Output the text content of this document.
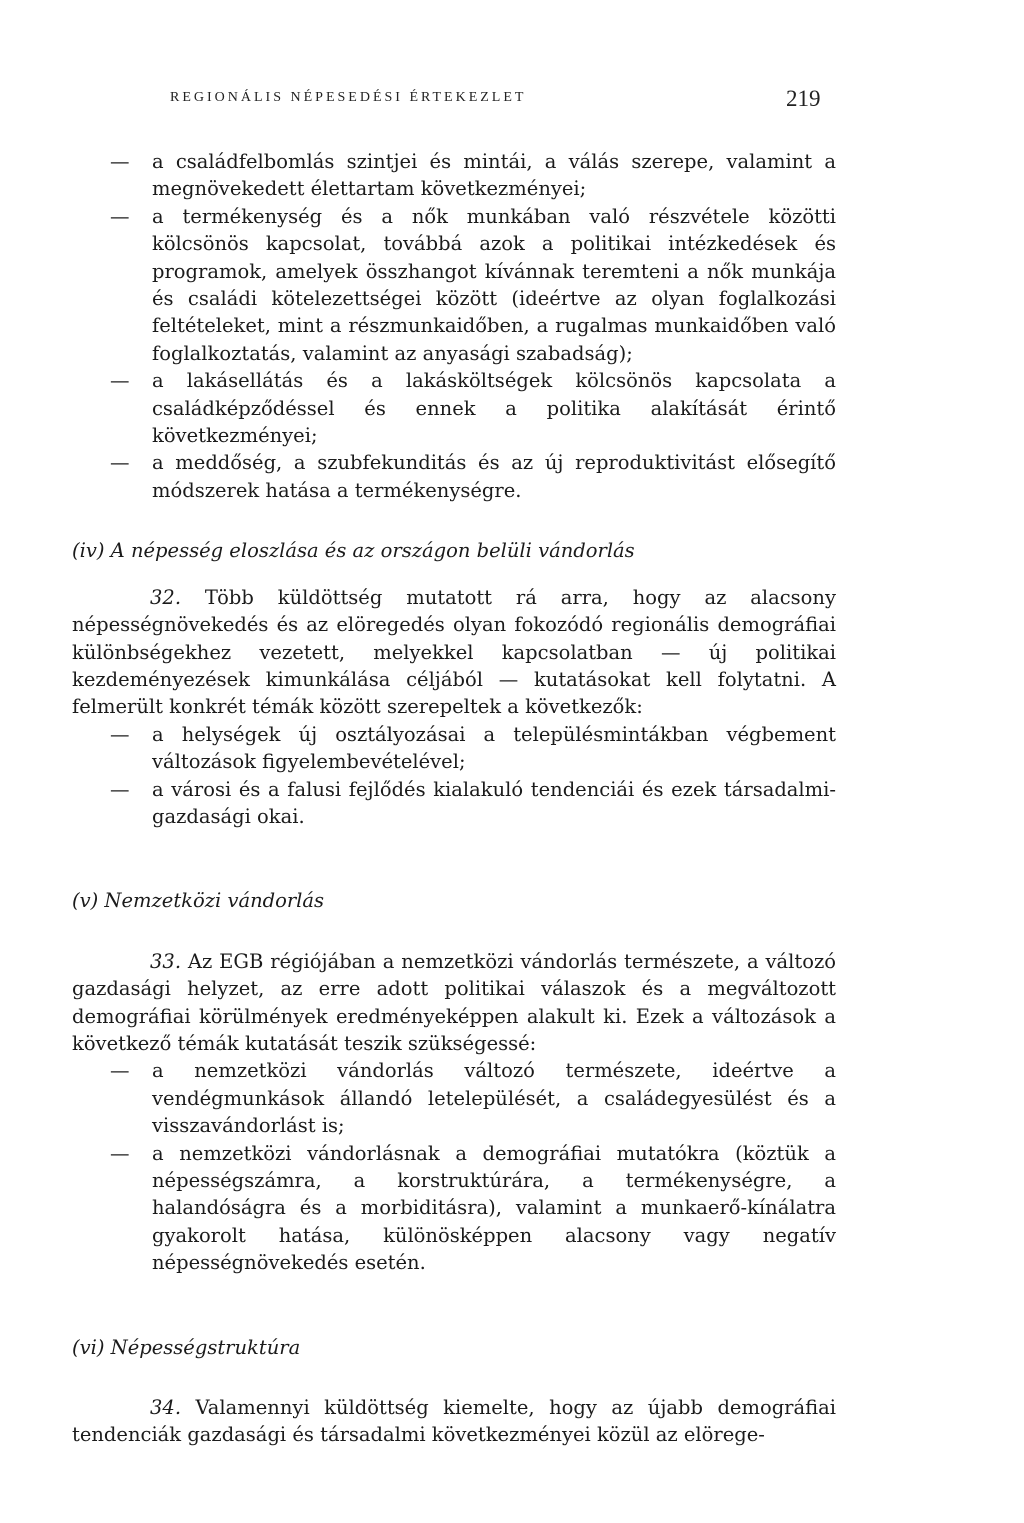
REGIONÁLIS NÉPESEDÉSI ÉRTEKEZLET	219

— a családfelbomlás szintjei és mintái, a válás szerepe, valamint a megnövekedett élettartam következményei;

— a termékenység és a nők munkában való részvétele közötti kölcsönös kapcsolat, továbbá azok a politikai intézkedések és programok, amelyek összhangot kívánnak teremteni a nők munkája és családi kötelezettségei között (ideértve az olyan foglalkozási feltételeket, mint a részmunkaidőben, a rugalmas munkaidőben való foglalkoztatás, valamint az anyasági szabadság);

— a lakásellátás és a lakásköltségek kölcsönös kapcsolata a családképződéssel és ennek a politika alakítását érintő következményei;

— a meddőség, a szubfekunditás és az új reproduktivitást elősegítő módszerek hatása a termékenységre.

(iv) A népesség eloszlása és az országon belüli vándorlás

32. Több küldöttség mutatott rá arra, hogy az alacsony népességnövekedés és az elöregedés olyan fokozódó regionális demográfiai különbségekhez vezetett, melyekkel kapcsolatban — új politikai kezdeményezések kimunkálása céljából — kutatásokat kell folytatni. A felmerült konkrét témák között szerepeltek a következők:

— a helységek új osztályozásai a településmintákban végbement változások figyelembevételével;

— a városi és a falusi fejlődés kialakuló tendenciái és ezek társadalmi-gazdasági okai.

(v) Nemzetközi vándorlás

33. Az EGB régiójában a nemzetközi vándorlás természete, a változó gazdasági helyzet, az erre adott politikai válaszok és a megváltozott demográfiai körülmények eredményeképpen alakult ki. Ezek a változások a következő témák kutatását teszik szükségessé:

— a nemzetközi vándorlás változó természete, ideértve a vendégmunkások állandó letelepülését, a családegyesülést és a visszavándorlást is;

— a nemzetközi vándorlásnak a demográfiai mutatókra (köztük a népességszámra, a korstruktúrára, a termékenységre, a halandóságra és a morbiditásra), valamint a munkaerő-kínálatra gyakorolt hatása, különösképpen alacsony vagy negatív népességnövekedés esetén.

(vi) Népességstruktúra

34. Valamennyi küldöttség kiemelte, hogy az újabb demográfiai tendenciák gazdasági és társadalmi következményei közül az elörege-
